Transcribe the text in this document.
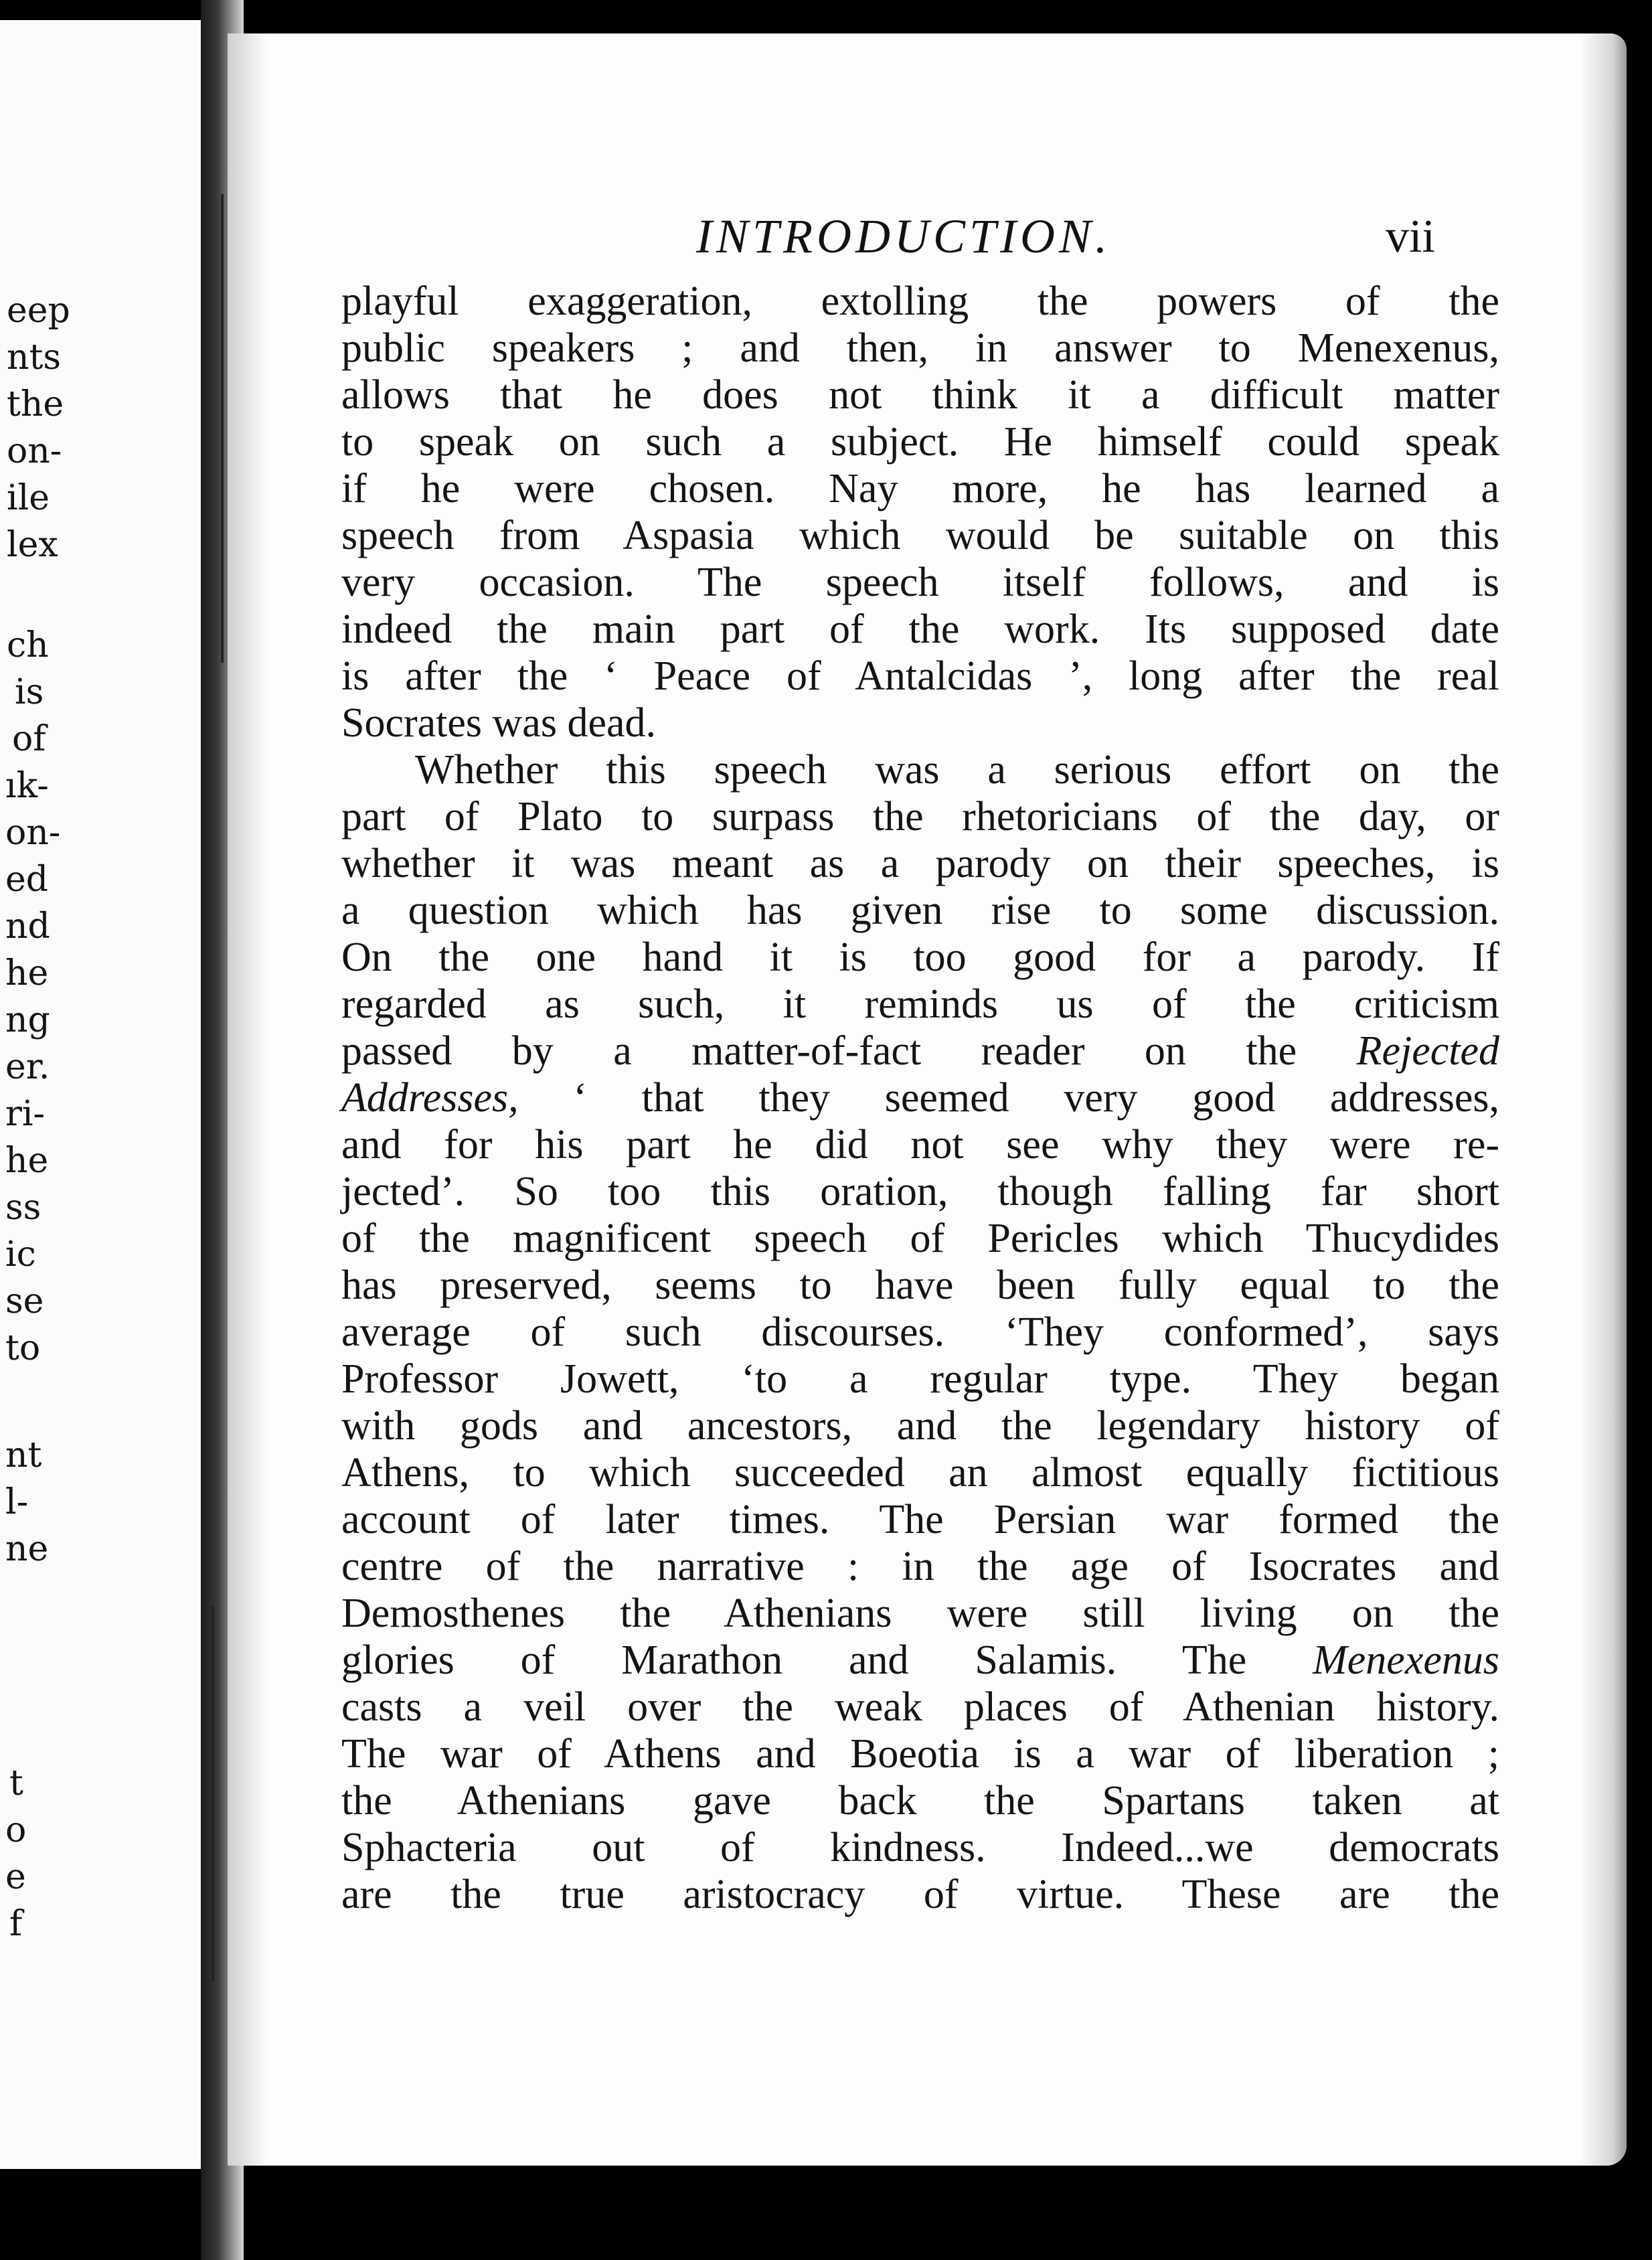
eep
nts
the
on-
ile
lex
ch
is
of
ık-
on-
ed
nd
he
ng
er.
ri-
he
ss
ic
se
to
nt
l-
ne
t
o
e
f
INTRODUCTION.	vii
playful exaggeration, extolling the powers of the
public speakers ; and then, in answer to Menexenus,
allows that he does not think it a difficult matter
to speak on such a subject. He himself could speak
if he were chosen. Nay more, he has learned a
speech from Aspasia which would be suitable on this
very occasion. The speech itself follows, and is
indeed the main part of the work. Its supposed date
is after the ‘ Peace of Antalcidas ’, long after the real
Socrates was dead.
Whether this speech was a serious effort on the
part of Plato to surpass the rhetoricians of the day, or
whether it was meant as a parody on their speeches, is
a question which has given rise to some discussion.
On the one hand it is too good for a parody. If
regarded as such, it reminds us of the criticism
passed by a matter-of-fact reader on the Rejected
Addresses, ‘ that they seemed very good addresses,
and for his part he did not see why they were re-
jected’. So too this oration, though falling far short
of the magnificent speech of Pericles which Thucydides
has preserved, seems to have been fully equal to the
average of such discourses. ‘They conformed’, says
Professor Jowett, ‘to a regular type. They began
with gods and ancestors, and the legendary history of
Athens, to which succeeded an almost equally fictitious
account of later times. The Persian war formed the
centre of the narrative : in the age of Isocrates and
Demosthenes the Athenians were still living on the
glories of Marathon and Salamis. The Menexenus
casts a veil over the weak places of Athenian history.
The war of Athens and Boeotia is a war of liberation ;
the Athenians gave back the Spartans taken at
Sphacteria out of kindness. Indeed...we democrats
are the true aristocracy of virtue. These are the
